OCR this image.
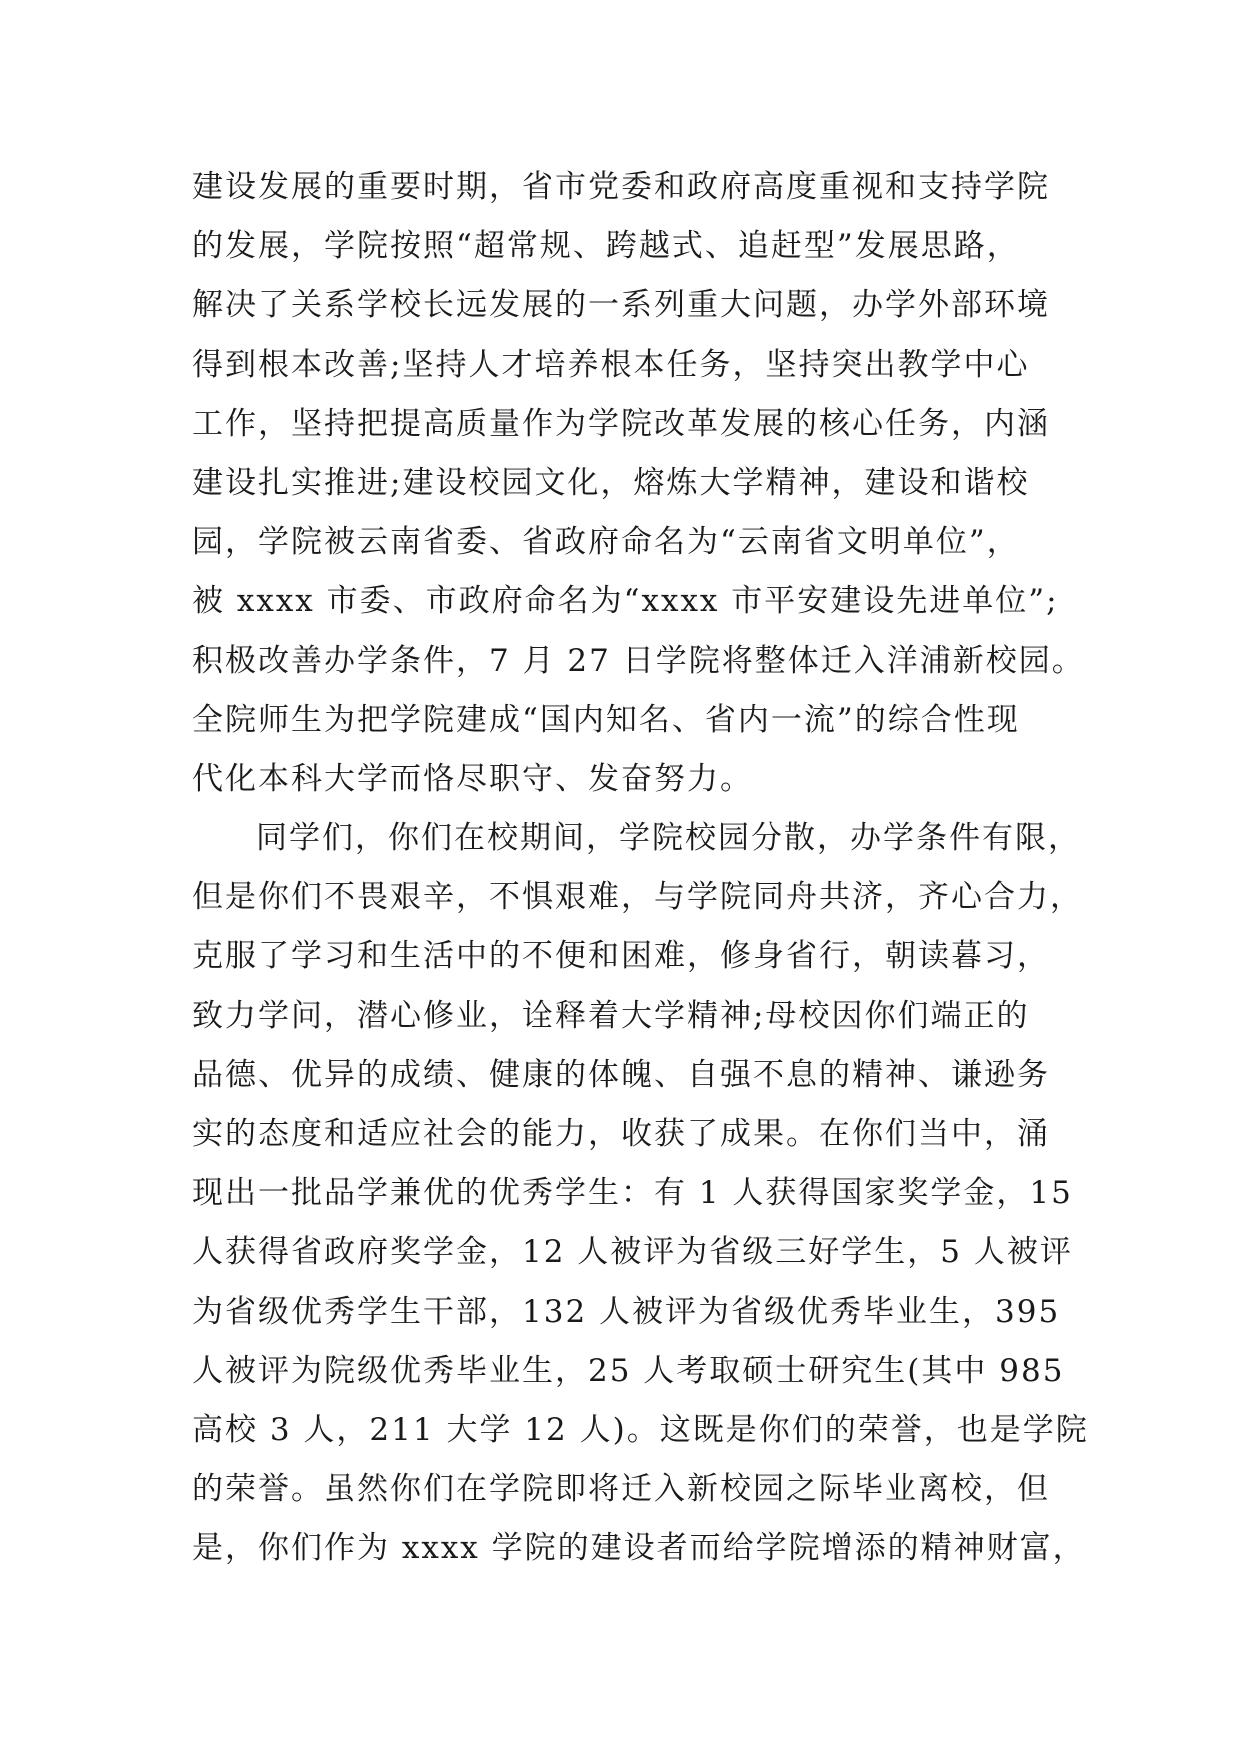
建设发展的重要时期，省市党委和政府高度重视和支持学院
的发展，学院按照“超常规、跨越式、追赶型”发展思路，
解决了关系学校长远发展的一系列重大问题，办学外部环境
得到根本改善;坚持人才培养根本任务，坚持突出教学中心
工作，坚持把提高质量作为学院改革发展的核心任务，内涵
建设扎实推进;建设校园文化，熔炼大学精神，建设和谐校
园，学院被云南省委、省政府命名为“云南省文明单位”，
被 xxxx 市委、市政府命名为“xxxx 市平安建设先进单位”;
积极改善办学条件，7 月 27 日学院将整体迁入洋浦新校园。
全院师生为把学院建成“国内知名、省内一流”的综合性现
代化本科大学而恪尽职守、发奋努力。
同学们，你们在校期间，学院校园分散，办学条件有限，
但是你们不畏艰辛，不惧艰难，与学院同舟共济，齐心合力，
克服了学习和生活中的不便和困难，修身省行，朝读暮习，
致力学问，潜心修业，诠释着大学精神;母校因你们端正的
品德、优异的成绩、健康的体魄、自强不息的精神、谦逊务
实的态度和适应社会的能力，收获了成果。在你们当中，涌
现出一批品学兼优的优秀学生：有 1 人获得国家奖学金，15
人获得省政府奖学金，12 人被评为省级三好学生，5 人被评
为省级优秀学生干部，132 人被评为省级优秀毕业生，395
人被评为院级优秀毕业生，25 人考取硕士研究生(其中 985
高校 3 人，211 大学 12 人)。这既是你们的荣誉，也是学院
的荣誉。虽然你们在学院即将迁入新校园之际毕业离校，但
是，你们作为 xxxx 学院的建设者而给学院增添的精神财富，
